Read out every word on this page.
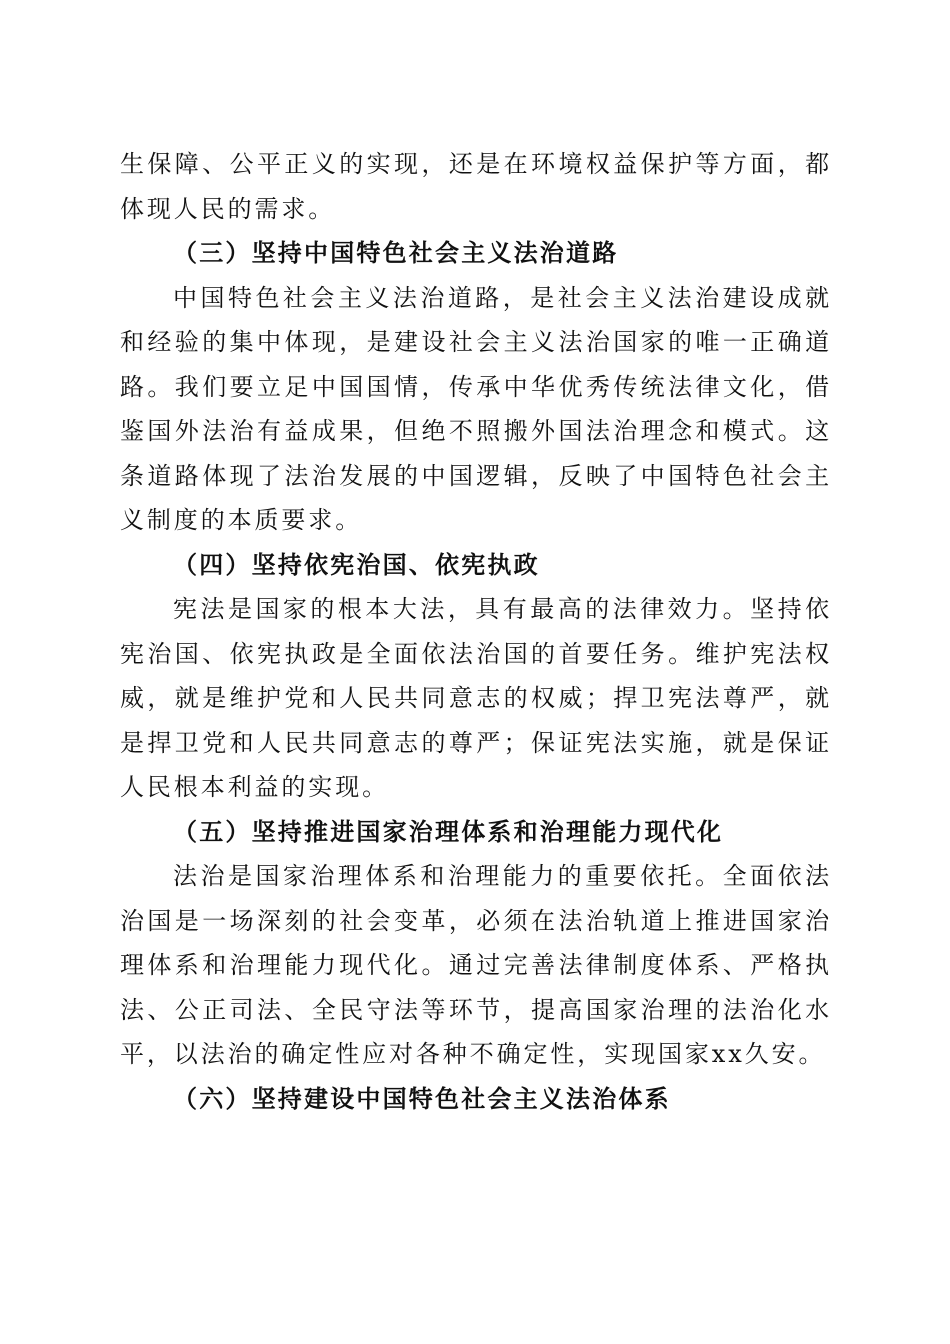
生保障、公平正义的实现，还是在环境权益保护等方面，都体现人民的需求。

（三）坚持中国特色社会主义法治道路

中国特色社会主义法治道路，是社会主义法治建设成就和经验的集中体现，是建设社会主义法治国家的唯一正确道路。我们要立足中国国情，传承中华优秀传统法律文化，借鉴国外法治有益成果，但绝不照搬外国法治理念和模式。这条道路体现了法治发展的中国逻辑，反映了中国特色社会主义制度的本质要求。

（四）坚持依宪治国、依宪执政

宪法是国家的根本大法，具有最高的法律效力。坚持依宪治国、依宪执政是全面依法治国的首要任务。维护宪法权威，就是维护党和人民共同意志的权威；捍卫宪法尊严，就是捍卫党和人民共同意志的尊严；保证宪法实施，就是保证人民根本利益的实现。

（五）坚持推进国家治理体系和治理能力现代化

法治是国家治理体系和治理能力的重要依托。全面依法治国是一场深刻的社会变革，必须在法治轨道上推进国家治理体系和治理能力现代化。通过完善法律制度体系、严格执法、公正司法、全民守法等环节，提高国家治理的法治化水平，以法治的确定性应对各种不确定性，实现国家xx久安。

（六）坚持建设中国特色社会主义法治体系
